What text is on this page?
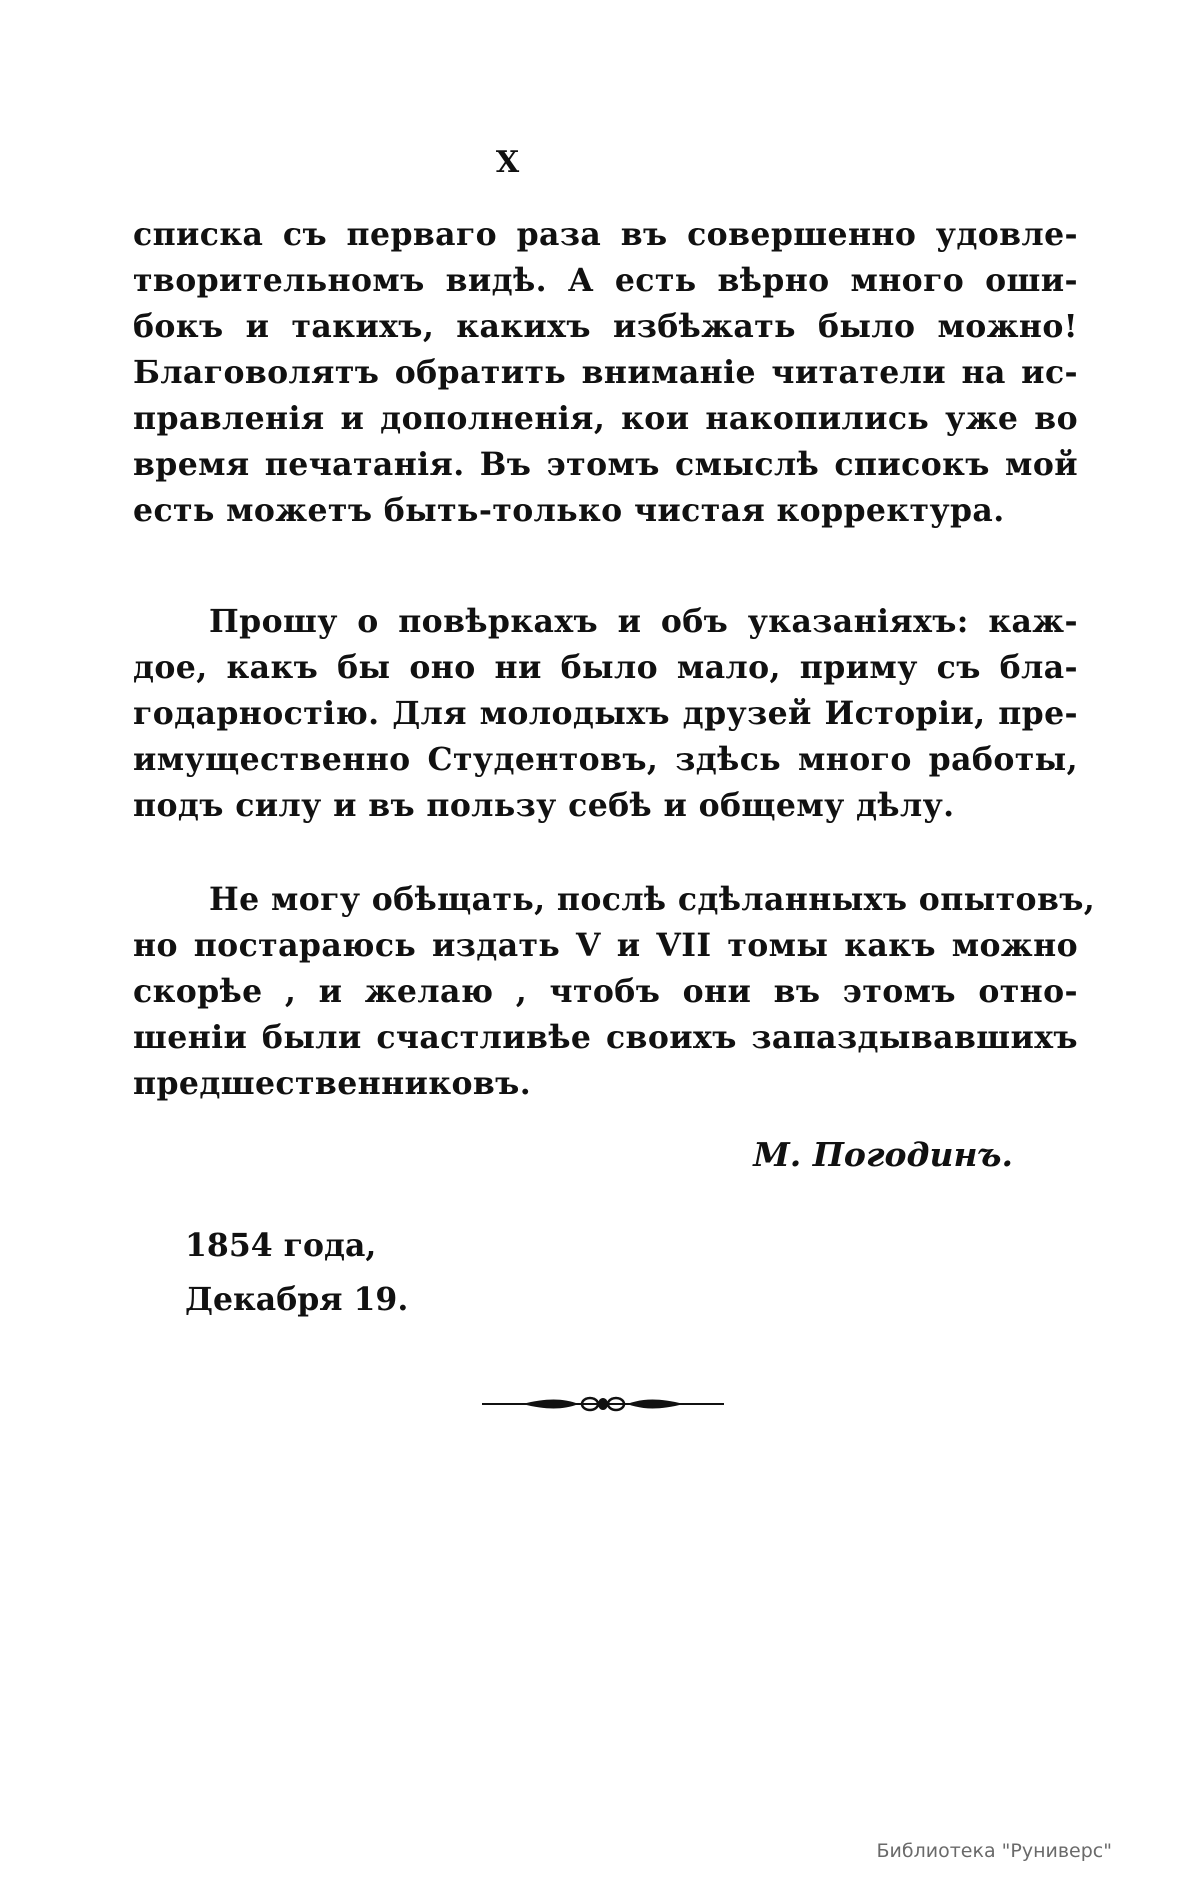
X
списка съ перваго раза въ совершенно удовле-
творительномъ видѣ. А есть вѣрно много оши-
бокъ и такихъ, какихъ избѣжать было можно!
Благоволятъ обратить вниманіе читатели на ис-
правленія и дополненія, кои накопились уже во
время печатанія. Въ этомъ смыслѣ списокъ мой
есть можетъ быть-только чистая корректура.
Прошу о повѣркахъ и объ указаніяхъ: каж-
дое, какъ бы оно ни было мало, приму съ бла-
годарностію. Для молодыхъ друзей Исторіи, пре-
имущественно Студентовъ, здѣсь много работы,
подъ силу и въ пользу себѣ и общему дѣлу.
Не могу обѣщать, послѣ сдѣланныхъ опытовъ,
но постараюсь издать V и VII томы какъ можно
скорѣе , и желаю , чтобъ они въ этомъ отно-
шеніи были счастливѣе своихъ запаздывавшихъ
предшественниковъ.
М. Погодинъ.
1854 года,
Декабря 19.
Библиотека "Руниверс"
